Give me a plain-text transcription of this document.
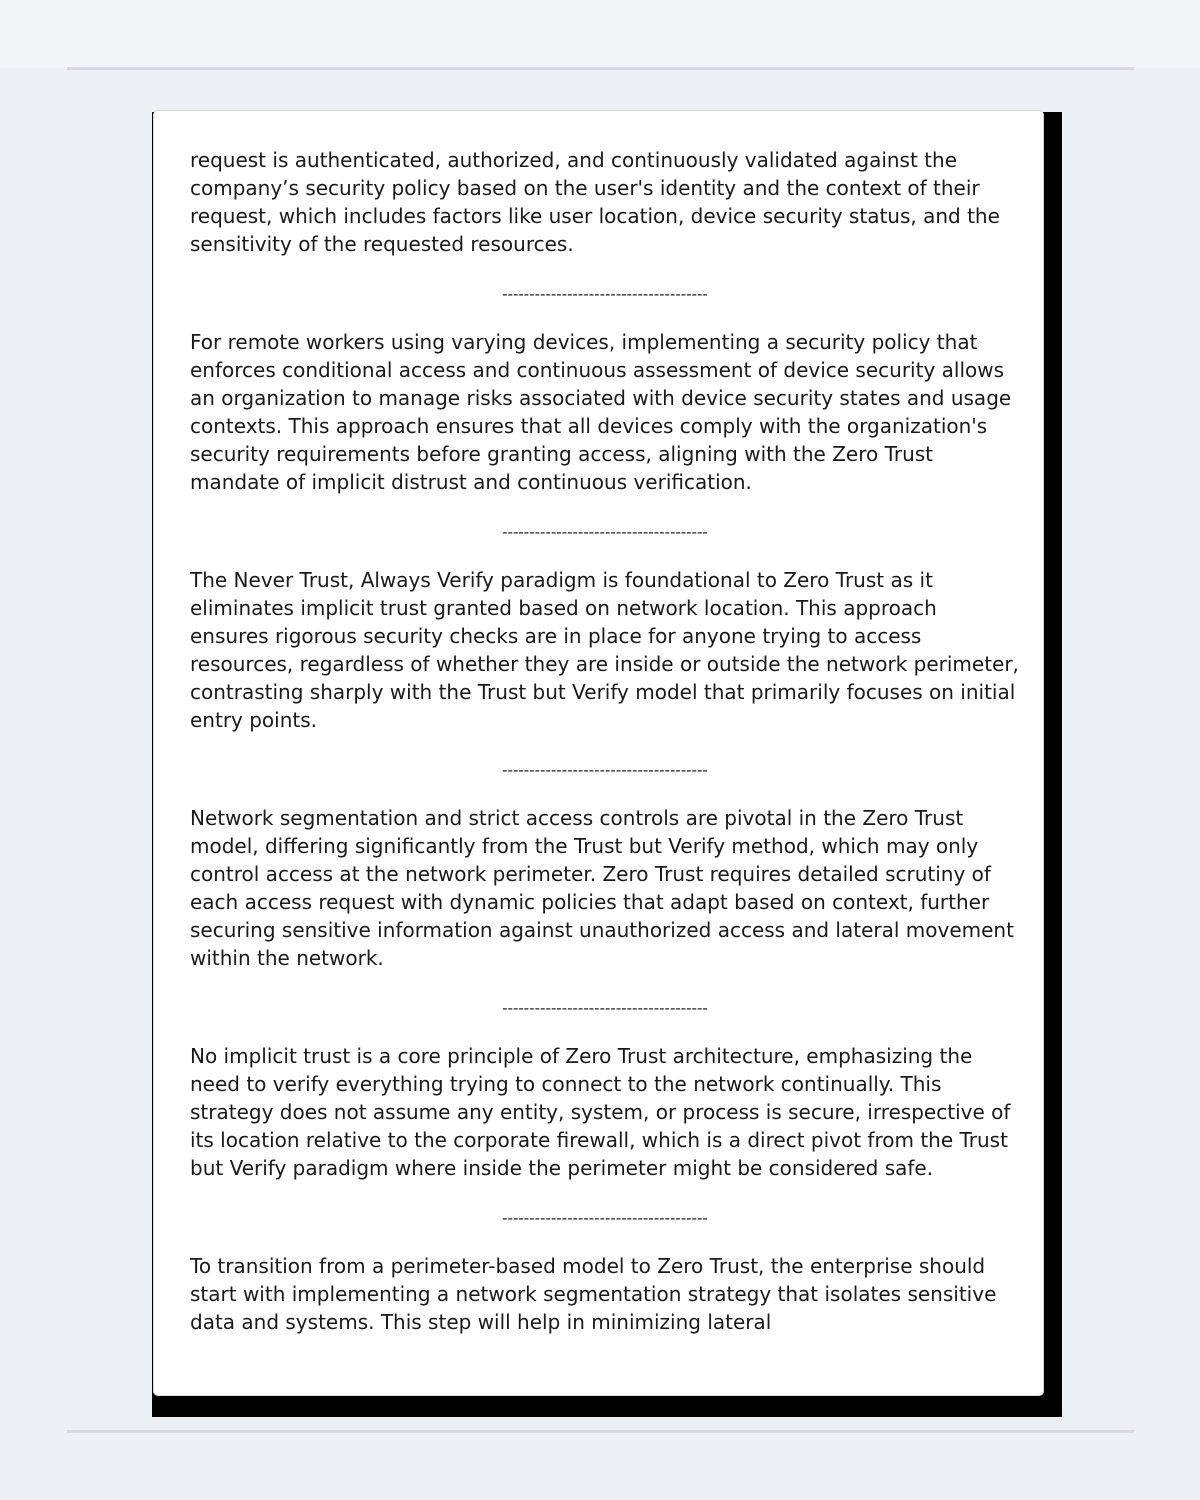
request is authenticated, authorized, and continuously validated against the company’s security policy based on the user's identity and the context of their request, which includes factors like user location, device security status, and the sensitivity of the requested resources.

--------------------------------------

For remote workers using varying devices, implementing a security policy that enforces conditional access and continuous assessment of device security allows an organization to manage risks associated with device security states and usage contexts. This approach ensures that all devices comply with the organization's security requirements before granting access, aligning with the Zero Trust mandate of implicit distrust and continuous verification.

--------------------------------------

The Never Trust, Always Verify paradigm is foundational to Zero Trust as it eliminates implicit trust granted based on network location. This approach ensures rigorous security checks are in place for anyone trying to access resources, regardless of whether they are inside or outside the network perimeter, contrasting sharply with the Trust but Verify model that primarily focuses on initial entry points.

--------------------------------------

Network segmentation and strict access controls are pivotal in the Zero Trust model, differing significantly from the Trust but Verify method, which may only control access at the network perimeter. Zero Trust requires detailed scrutiny of each access request with dynamic policies that adapt based on context, further securing sensitive information against unauthorized access and lateral movement within the network.

--------------------------------------

No implicit trust is a core principle of Zero Trust architecture, emphasizing the need to verify everything trying to connect to the network continually. This strategy does not assume any entity, system, or process is secure, irrespective of its location relative to the corporate firewall, which is a direct pivot from the Trust but Verify paradigm where inside the perimeter might be considered safe.

--------------------------------------

To transition from a perimeter-based model to Zero Trust, the enterprise should start with implementing a network segmentation strategy that isolates sensitive data and systems. This step will help in minimizing lateral
